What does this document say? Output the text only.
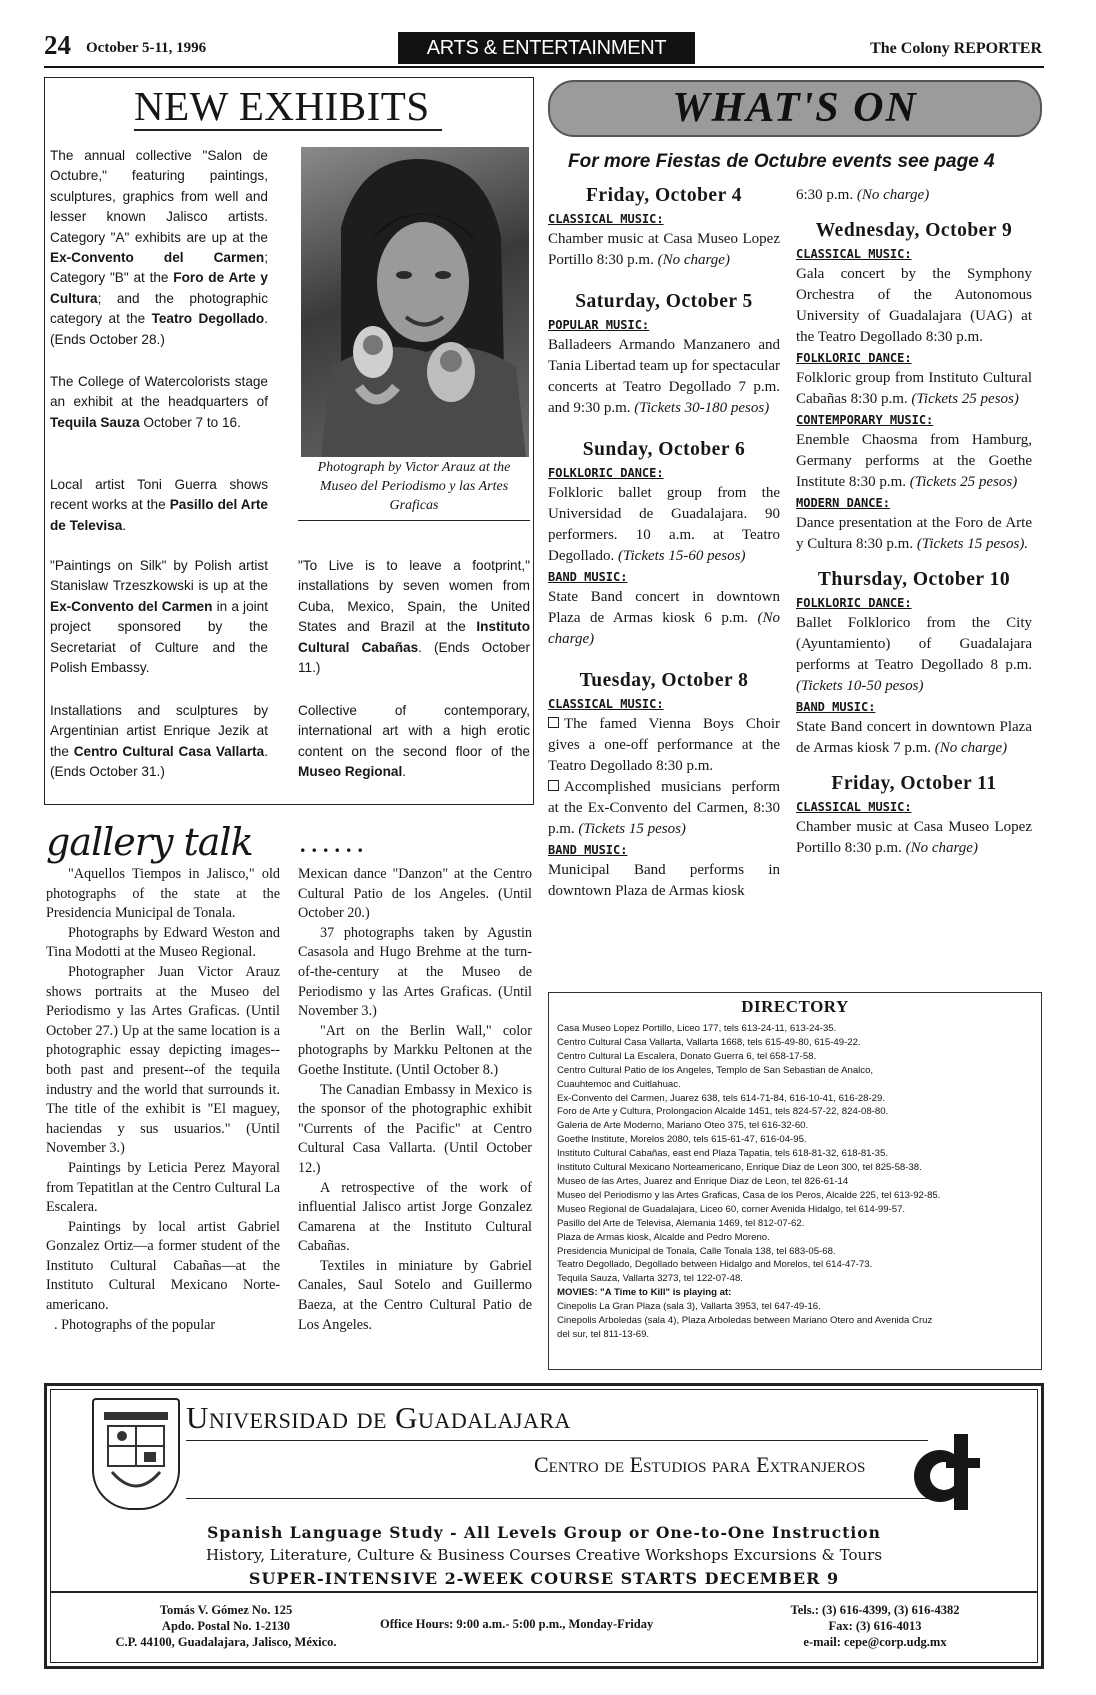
24 October 5-11, 1996	ARTS & ENTERTAINMENT	The Colony REPORTER
NEW EXHIBITS
The annual collective "Salon de Octubre," featuring paintings, sculptures, graphics from well and lesser known Jalisco artists. Category "A" exhibits are up at the Ex-Convento del Carmen; Category "B" at the Foro de Arte y Cultura; and the photographic category at the Teatro Degollado. (Ends October 28.)
The College of Watercolorists stage an exhibit at the headquarters of Tequila Sauza October 7 to 16.
Local artist Toni Guerra shows recent works at the Pasillo del Arte de Televisa.
"Paintings on Silk" by Polish artist Stanislaw Trzeszkowski is up at the Ex-Convento del Carmen in a joint project sponsored by the Secretariat of Culture and the Polish Embassy.
Installations and sculptures by Argentinian artist Enrique Jezik at the Centro Cultural Casa Vallarta. (Ends October 31.)
"To Live is to leave a footprint," installations by seven women from Cuba, Mexico, Spain, the United States and Brazil at the Instituto Cultural Cabañas. (Ends October 11.)
Collective of contemporary, international art with a high erotic content on the second floor of the Museo Regional.
Photograph by Victor Arauz at the Museo del Periodismo y las Artes Graficas
gallery talk ......

"Aquellos Tiempos in Jalisco," old photographs of the state at the Presidencia Municipal de Tonala.

Photographs by Edward Weston and Tina Modotti at the Museo Regional.

Photographer Juan Victor Arauz shows portraits at the Museo del Periodismo y las Artes Graficas. (Until October 27.) Up at the same location is a photographic essay depicting images--both past and present--of the tequila industry and the world that surrounds it. The title of the exhibit is "El maguey, haciendas y sus usuarios." (Until November 3.)

Paintings by Leticia Perez Mayoral from Tepatitlan at the Centro Cultural La Escalera.

Paintings by local artist Gabriel Gonzalez Ortiz—a former student of the Instituto Cultural Cabañas—at the Instituto Cultural Mexicano Norte-americano.

. Photographs of the popular

Mexican dance "Danzon" at the Centro Cultural Patio de los Angeles. (Until October 20.)

37 photographs taken by Agustin Casasola and Hugo Brehme at the turn-of-the-century at the Museo de Periodismo y las Artes Graficas. (Until November 3.)

"Art on the Berlin Wall," color photographs by Markku Peltonen at the Goethe Institute. (Until October 8.)

The Canadian Embassy in Mexico is the sponsor of the photographic exhibit "Currents of the Pacific" at Centro Cultural Casa Vallarta. (Until October 12.)

A retrospective of the work of influential Jalisco artist Jorge Gonzalez Camarena at the Instituto Cultural Cabañas.

Textiles in miniature by Gabriel Canales, Saul Sotelo and Guillermo Baeza, at the Centro Cultural Patio de Los Angeles.

WHAT'S ON
For more Fiestas de Octubre events see page 4
Friday, October 4
CLASSICAL MUSIC:
Chamber music at Casa Museo Lopez Portillo 8:30 p.m. (No charge)
Saturday, October 5
POPULAR MUSIC:
Balladeers Armando Manzanero and Tania Libertad team up for spectacular concerts at Teatro Degollado 7 p.m. and 9:30 p.m. (Tickets 30-180 pesos)
Sunday, October 6
FOLKLORIC DANCE:
Folkloric ballet group from the Universidad de Guadalajara. 90 performers. 10 a.m. at Teatro Degollado. (Tickets 15-60 pesos)
BAND MUSIC:
State Band concert in downtown Plaza de Armas kiosk 6 p.m. (No charge)
Tuesday, October 8
CLASSICAL MUSIC:
The famed Vienna Boys Choir gives a one-off performance at the Teatro Degollado 8:30 p.m.
Accomplished musicians perform at the Ex-Convento del Carmen, 8:30 p.m. (Tickets 15 pesos)
BAND MUSIC:
Municipal Band performs in downtown Plaza de Armas kiosk
6:30 p.m. (No charge)
Wednesday, October 9
CLASSICAL MUSIC:
Gala concert by the Symphony Orchestra of the Autonomous University of Guadalajara (UAG) at the Teatro Degollado 8:30 p.m.
FOLKLORIC DANCE:
Folkloric group from Instituto Cultural Cabañas 8:30 p.m. (Tickets 25 pesos)
CONTEMPORARY MUSIC:
Enemble Chaosma from Hamburg, Germany performs at the Goethe Institute 8:30 p.m. (Tickets 25 pesos)
MODERN DANCE:
Dance presentation at the Foro de Arte y Cultura 8:30 p.m. (Tickets 15 pesos).
Thursday, October 10
FOLKLORIC DANCE:
Ballet Folklorico from the City (Ayuntamiento) of Guadalajara performs at Teatro Degollado 8 p.m. (Tickets 10-50 pesos)
BAND MUSIC:
State Band concert in downtown Plaza de Armas kiosk 7 p.m. (No charge)
Friday, October 11
CLASSICAL MUSIC:
Chamber music at Casa Museo Lopez Portillo 8:30 p.m. (No charge)
DIRECTORY
Casa Museo Lopez Portillo, Liceo 177, tels 613-24-11, 613-24-35.
Centro Cultural Casa Vallarta, Vallarta 1668, tels 615-49-80, 615-49-22.
Centro Cultural La Escalera, Donato Guerra 6, tel 658-17-58.
Centro Cultural Patio de los Angeles, Templo de San Sebastian de Analco,
Cuauhtemoc and Cuitlahuac.
Ex-Convento del Carmen, Juarez 638, tels 614-71-84, 616-10-41, 616-28-29.
Foro de Arte y Cultura, Prolongacion Alcalde 1451, tels 824-57-22, 824-08-80.
Galeria de Arte Moderno, Mariano Oteo 375, tel 616-32-60.
Goethe Institute, Morelos 2080, tels 615-61-47, 616-04-95.
Instituto Cultural Cabañas, east end Plaza Tapatia, tels 618-81-32, 618-81-35.
Instituto Cultural Mexicano Norteamericano, Enrique Diaz de Leon 300, tel 825-58-38.
Museo de las Artes, Juarez and Enrique Diaz de Leon, tel 826-61-14
Museo del Periodismo y las Artes Graficas, Casa de los Peros, Alcalde 225, tel 613-92-85.
Museo Regional de Guadalajara, Liceo 60, corner Avenida Hidalgo, tel 614-99-57.
Pasillo del Arte de Televisa, Alemania 1469, tel 812-07-62.
Plaza de Armas kiosk, Alcalde and Pedro Moreno.
Presidencia Municipal de Tonala, Calle Tonala 138, tel 683-05-68.
Teatro Degollado, Degollado between Hidalgo and Morelos, tel 614-47-73.
Tequila Sauza, Vallarta 3273, tel 122-07-48.
MOVIES: "A Time to Kill" is playing at:
Cinepolis La Gran Plaza (sala 3), Vallarta 3953, tel 647-49-16.
Cinepolis Arboledas (sala 4), Plaza Arboledas between Mariano Otero and Avenida Cruz
del sur, tel 811-13-69.
Universidad de Guadalajara
Centro de Estudios para Extranjeros
cf
Spanish Language Study - All Levels Group or One-to-One Instruction
History, Literature, Culture & Business Courses Creative Workshops Excursions & Tours
SUPER-INTENSIVE 2-WEEK COURSE STARTS DECEMBER 9
Tomás V. Gómez No. 125
Apdo. Postal No. 1-2130
C.P. 44100, Guadalajara, Jalisco, México.
Office Hours: 9:00 a.m.- 5:00 p.m., Monday-Friday
Tels.: (3) 616-4399, (3) 616-4382
Fax: (3) 616-4013
e-mail: cepe@corp.udg.mx
